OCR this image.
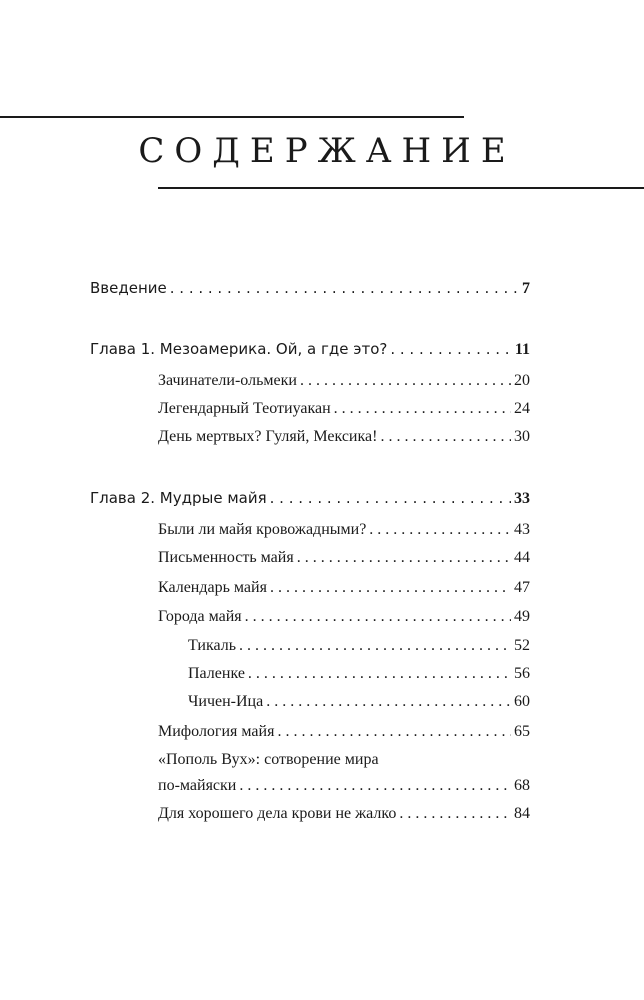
СОДЕРЖАНИЕ
Введение . . .	7
Глава 1. Мезоамерика. Ой, а где это? . . .	11
Зачинатели-ольмеки . . .	20
Легендарный Теотиуакан . . .	24
День мертвых? Гуляй, Мексика! . . .	30
Глава 2. Мудрые майя . . .	33
Были ли майя кровожадными? . . .	43
Письменность майя . . .	44
Календарь майя . . .	47
Города майя . . .	49
Тикаль . . .	52
Паленке . . .	56
Чичен-Ица . . .	60
Мифология майя . . .	65
«Пополь Вух»: сотворение мира
по-майяски . . .	68
Для хорошего дела крови не жалко . . .	84
